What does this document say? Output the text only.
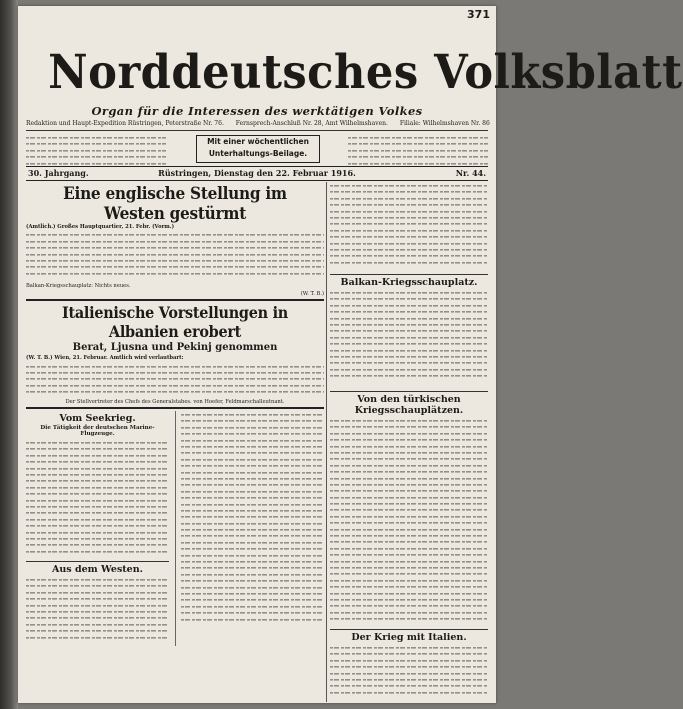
371
Norddeutsches Volksblatt
Organ für die Interessen des werktätigen Volkes
Redaktion und Haupt-Expedition Rüstringen, Peterstraße Nr. 76. Fernsprech-Anschluß Nr. 28, Amt Wilhelmshaven. Filiale: Wilhelmshaven Nr. 86
Mit einer wöchentlichen
Unterhaltungs-Beilage.
30. Jahrgang.	Rüstringen, Dienstag den 22. Februar 1916.	Nr. 44.
Eine englische Stellung im Westen gestürmt
(Amtlich.) Großes Hauptquartier, 21. Febr. (Vorm.)
Balkan-Kriegsschauplatz: Nichts neues.
(W. T. B.)
Italienische Vorstellungen in Albanien erobert
Berat, Ljusna und Pekinj genommen
(W. T. B.) Wien, 21. Februar. Amtlich wird verlautbart:
Der Stellvertreter des Chefs des Generalstabes. von Hoefer, Feldmarschalleutnant.
Vom Seekrieg.
Die Tätigkeit der deutschen Marine-Flugzeuge.
Aus dem Westen.
Balkan-Kriegsschauplatz.
Von den türkischen Kriegsschauplätzen.
Der Krieg mit Italien.
